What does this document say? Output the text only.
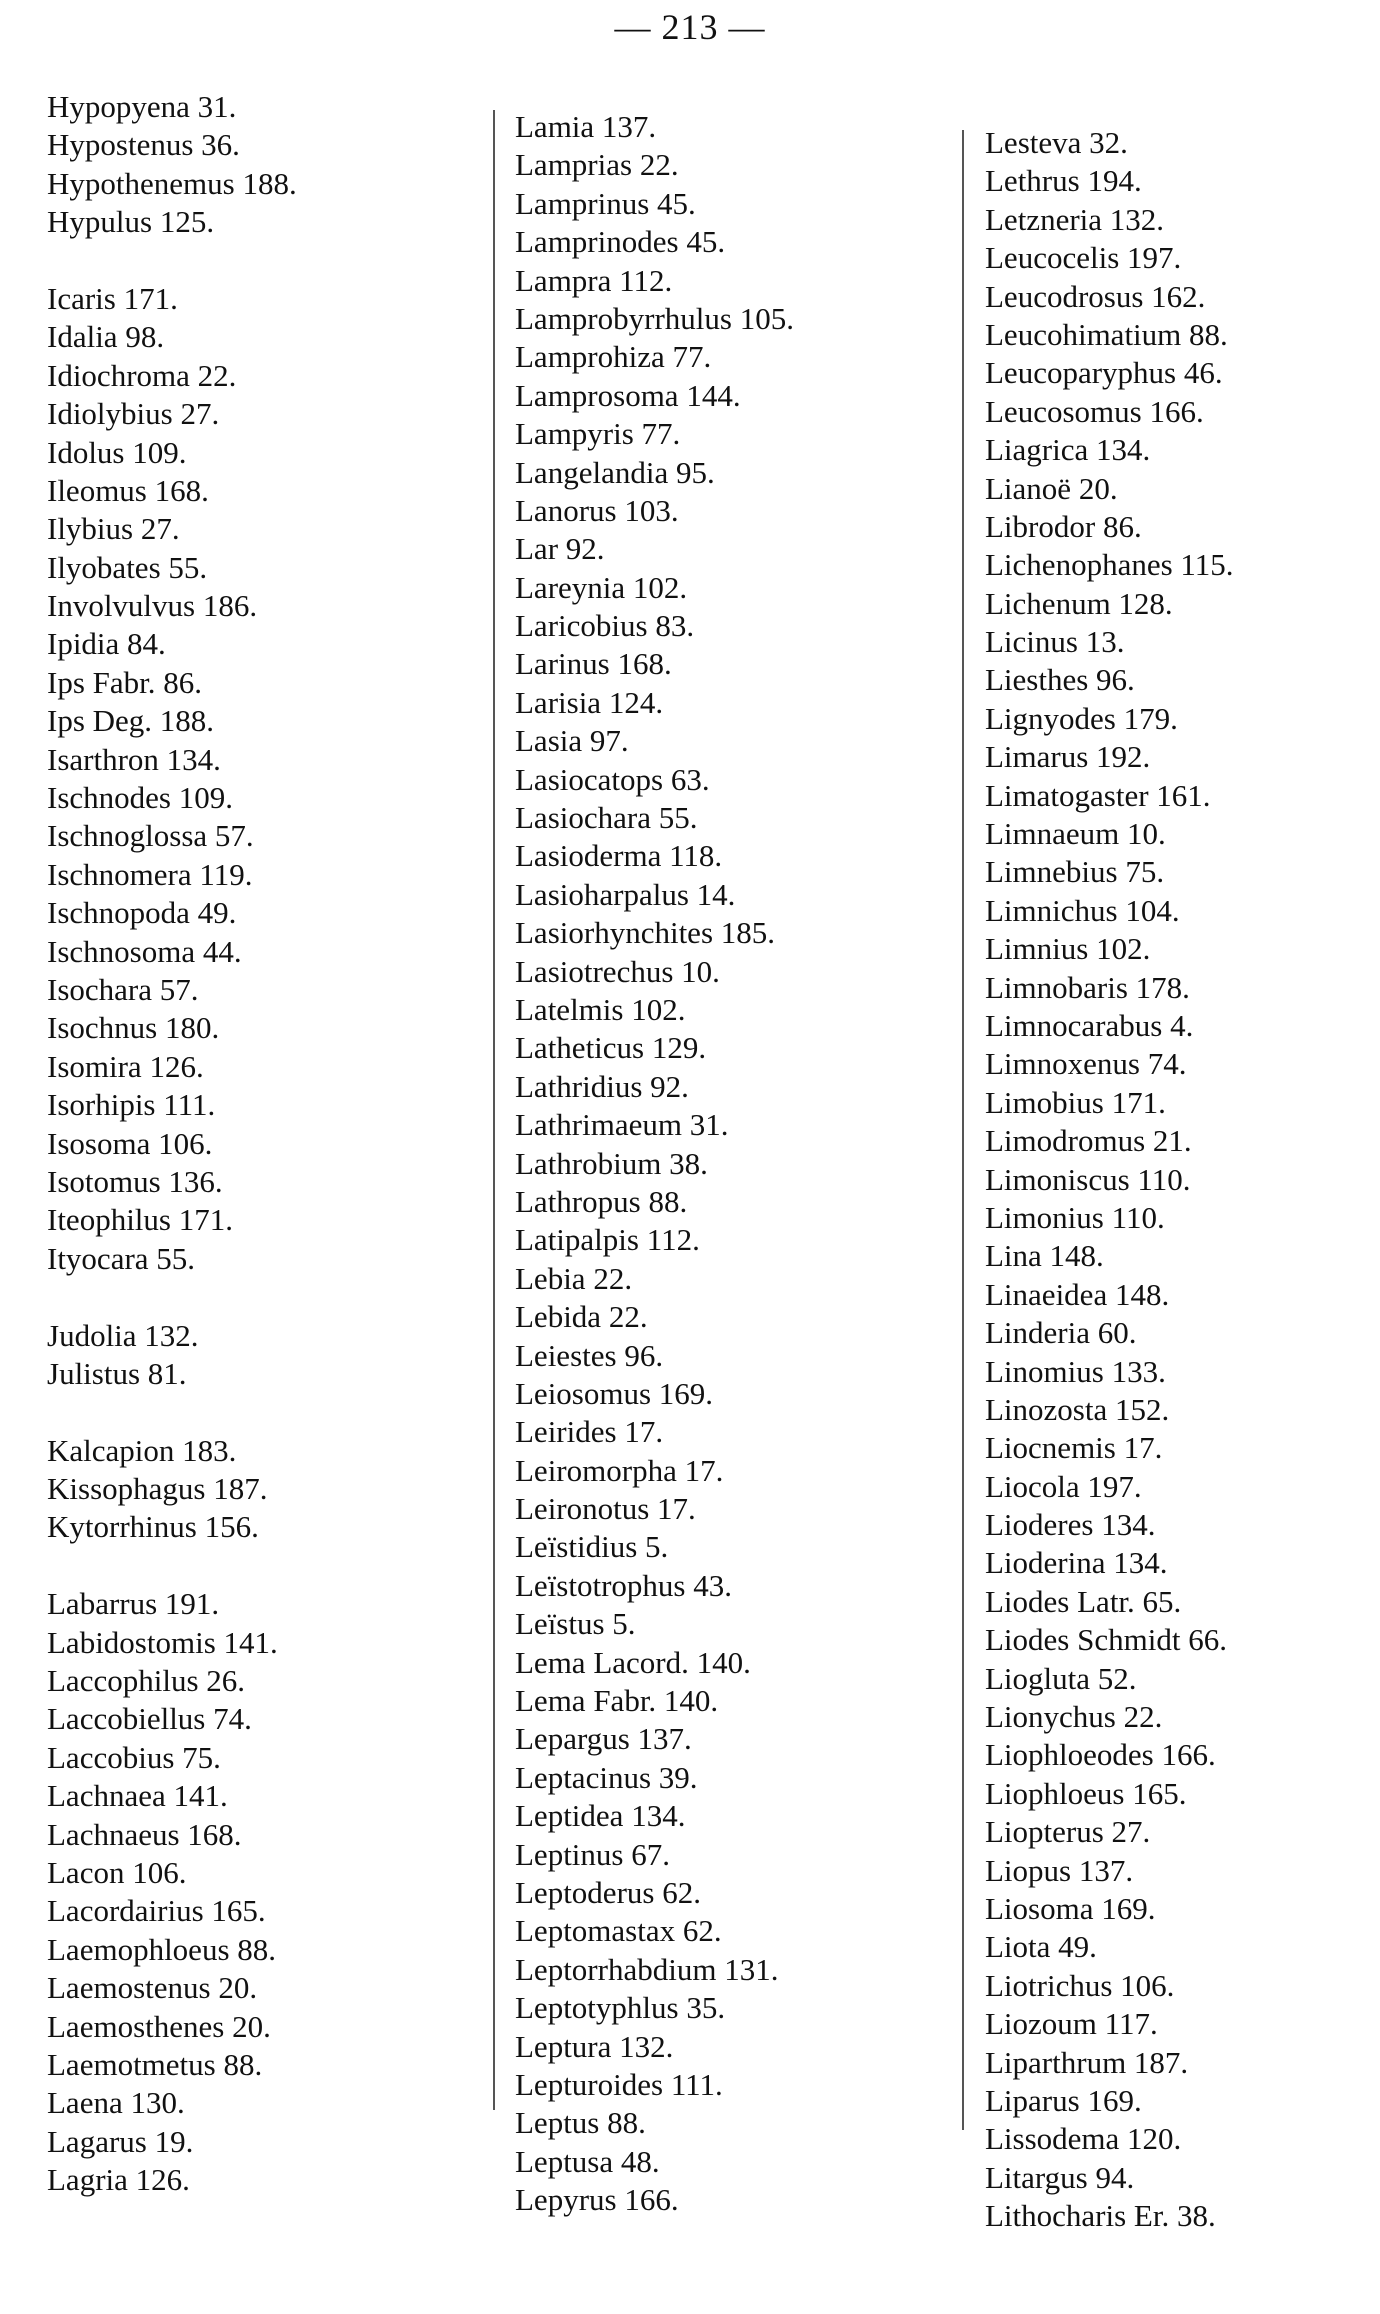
— 213 —
Hypopyena 31.
Hypostenus 36.
Hypothenemus 188.
Hypulus 125.
Icaris 171.
Idalia 98.
Idiochroma 22.
Idiolybius 27.
Idolus 109.
Ileomus 168.
Ilybius 27.
Ilyobates 55.
Involvulvus 186.
Ipidia 84.
Ips Fabr. 86.
Ips Deg. 188.
Isarthron 134.
Ischnodes 109.
Ischnoglossa 57.
Ischnomera 119.
Ischnopoda 49.
Ischnosoma 44.
Isochara 57.
Isochnus 180.
Isomira 126.
Isorhipis 111.
Isosoma 106.
Isotomus 136.
Iteophilus 171.
Ityocara 55.
Judolia 132.
Julistus 81.
Kalcapion 183.
Kissophagus 187.
Kytorrhinus 156.
Labarrus 191.
Labidostomis 141.
Laccophilus 26.
Laccobiellus 74.
Laccobius 75.
Lachnaea 141.
Lachnaeus 168.
Lacon 106.
Lacordairius 165.
Laemophloeus 88.
Laemostenus 20.
Laemosthenes 20.
Laemotmetus 88.
Laena 130.
Lagarus 19.
Lagria 126.
Lamia 137.
Lamprias 22.
Lamprinus 45.
Lamprinodes 45.
Lampra 112.
Lamprobyrrhulus 105.
Lamprohiza 77.
Lamprosoma 144.
Lampyris 77.
Langelandia 95.
Lanorus 103.
Lar 92.
Lareynia 102.
Laricobius 83.
Larinus 168.
Larisia 124.
Lasia 97.
Lasiocatops 63.
Lasiochara 55.
Lasioderma 118.
Lasioharpalus 14.
Lasiorhynchites 185.
Lasiotrechus 10.
Latelmis 102.
Latheticus 129.
Lathridius 92.
Lathrimaeum 31.
Lathrobium 38.
Lathropus 88.
Latipalpis 112.
Lebia 22.
Lebida 22.
Leiestes 96.
Leiosomus 169.
Leirides 17.
Leiromorpha 17.
Leironotus 17.
Leïstidius 5.
Leïstotrophus 43.
Leïstus 5.
Lema Lacord. 140.
Lema Fabr. 140.
Lepargus 137.
Leptacinus 39.
Leptidea 134.
Leptinus 67.
Leptoderus 62.
Leptomastax 62.
Leptorrhabdium 131.
Leptotyphlus 35.
Leptura 132.
Lepturoides 111.
Leptus 88.
Leptusa 48.
Lepyrus 166.
Lesteva 32.
Lethrus 194.
Letzneria 132.
Leucocelis 197.
Leucodrosus 162.
Leucohimatium 88.
Leucoparyphus 46.
Leucosomus 166.
Liagrica 134.
Lianoë 20.
Librodor 86.
Lichenophanes 115.
Lichenum 128.
Licinus 13.
Liesthes 96.
Lignyodes 179.
Limarus 192.
Limatogaster 161.
Limnaeum 10.
Limnebius 75.
Limnichus 104.
Limnius 102.
Limnobaris 178.
Limnocarabus 4.
Limnoxenus 74.
Limobius 171.
Limodromus 21.
Limoniscus 110.
Limonius 110.
Lina 148.
Linaeidea 148.
Linderia 60.
Linomius 133.
Linozosta 152.
Liocnemis 17.
Liocola 197.
Lioderes 134.
Lioderina 134.
Liodes Latr. 65.
Liodes Schmidt 66.
Liogluta 52.
Lionychus 22.
Liophloeodes 166.
Liophloeus 165.
Liopterus 27.
Liopus 137.
Liosoma 169.
Liota 49.
Liotrichus 106.
Liozoum 117.
Liparthrum 187.
Liparus 169.
Lissodema 120.
Litargus 94.
Lithocharis Er. 38.
